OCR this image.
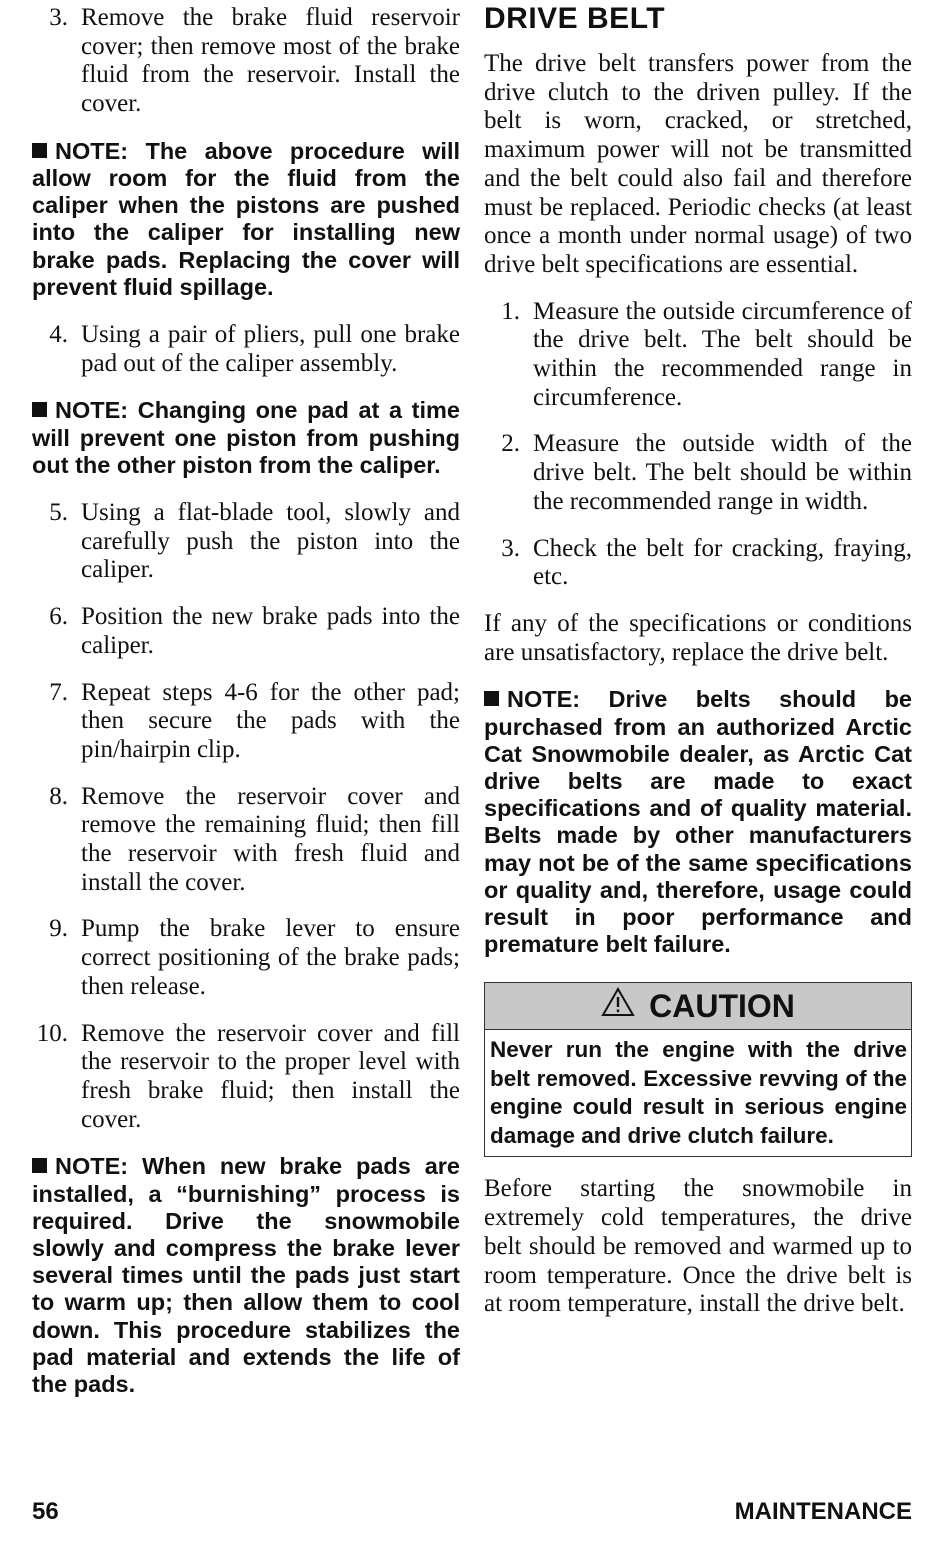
3. Remove the brake fluid reservoir cover; then remove most of the brake fluid from the reservoir. Install the cover.

NOTE: The above procedure will allow room for the fluid from the caliper when the pistons are pushed into the caliper for installing new brake pads. Replacing the cover will prevent fluid spillage.

4. Using a pair of pliers, pull one brake pad out of the caliper assembly.

NOTE: Changing one pad at a time will prevent one piston from pushing out the other piston from the caliper.

5. Using a flat-blade tool, slowly and carefully push the piston into the caliper.

6. Position the new brake pads into the caliper.

7. Repeat steps 4-6 for the other pad; then secure the pads with the pin/hairpin clip.

8. Remove the reservoir cover and remove the remaining fluid; then fill the reservoir with fresh fluid and install the cover.

9. Pump the brake lever to ensure correct positioning of the brake pads; then release.

10. Remove the reservoir cover and fill the reservoir to the proper level with fresh brake fluid; then install the cover.

NOTE: When new brake pads are installed, a “burnishing” process is required. Drive the snowmobile slowly and compress the brake lever several times until the pads just start to warm up; then allow them to cool down. This procedure stabilizes the pad material and extends the life of the pads.

DRIVE BELT

The drive belt transfers power from the drive clutch to the driven pulley. If the belt is worn, cracked, or stretched, maximum power will not be transmitted and the belt could also fail and therefore must be replaced. Periodic checks (at least once a month under normal usage) of two drive belt specifications are essential.

1. Measure the outside circumference of the drive belt. The belt should be within the recommended range in circumference.

2. Measure the outside width of the drive belt. The belt should be within the recommended range in width.

3. Check the belt for cracking, fraying, etc.

If any of the specifications or conditions are unsatisfactory, replace the drive belt.

NOTE: Drive belts should be purchased from an authorized Arctic Cat Snowmobile dealer, as Arctic Cat drive belts are made to exact specifications and of quality material. Belts made by other manufacturers may not be of the same specifications or quality and, therefore, usage could result in poor performance and premature belt failure.

CAUTION
Never run the engine with the drive belt removed. Excessive revving of the engine could result in serious engine damage and drive clutch failure.

Before starting the snowmobile in extremely cold temperatures, the drive belt should be removed and warmed up to room temperature. Once the drive belt is at room temperature, install the drive belt.

56	MAINTENANCE
